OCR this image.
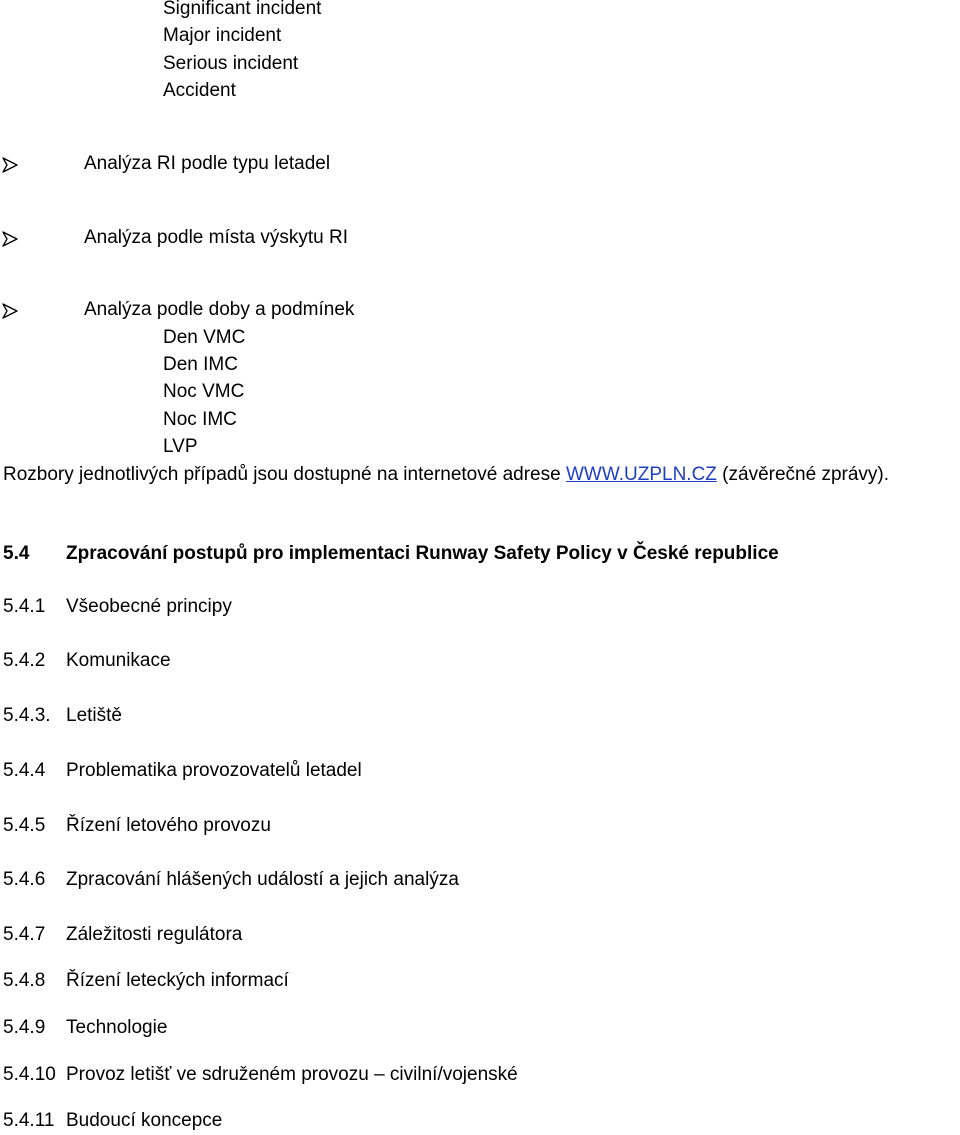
Significant incident
Major incident
Serious incident
Accident
Analýza RI podle typu letadel
Analýza podle místa výskytu RI
Analýza podle doby a podmínek
Den VMC
Den IMC
Noc VMC
Noc IMC
LVP
Rozbory jednotlivých případů jsou dostupné na internetové adrese WWW.UZPLN.CZ (závěrečné zprávy).
5.4 Zpracování postupů pro implementaci Runway Safety Policy v České republice
5.4.1 Všeobecné principy
5.4.2 Komunikace
5.4.3. Letiště
5.4.4 Problematika provozovatelů letadel
5.4.5 Řízení letového provozu
5.4.6 Zpracování hlášených událostí a jejich analýza
5.4.7 Záležitosti regulátora
5.4.8 Řízení leteckých informací
5.4.9 Technologie
5.4.10 Provoz letišť ve sdruženém provozu – civilní/vojenské
5.4.11 Budoucí koncepce
